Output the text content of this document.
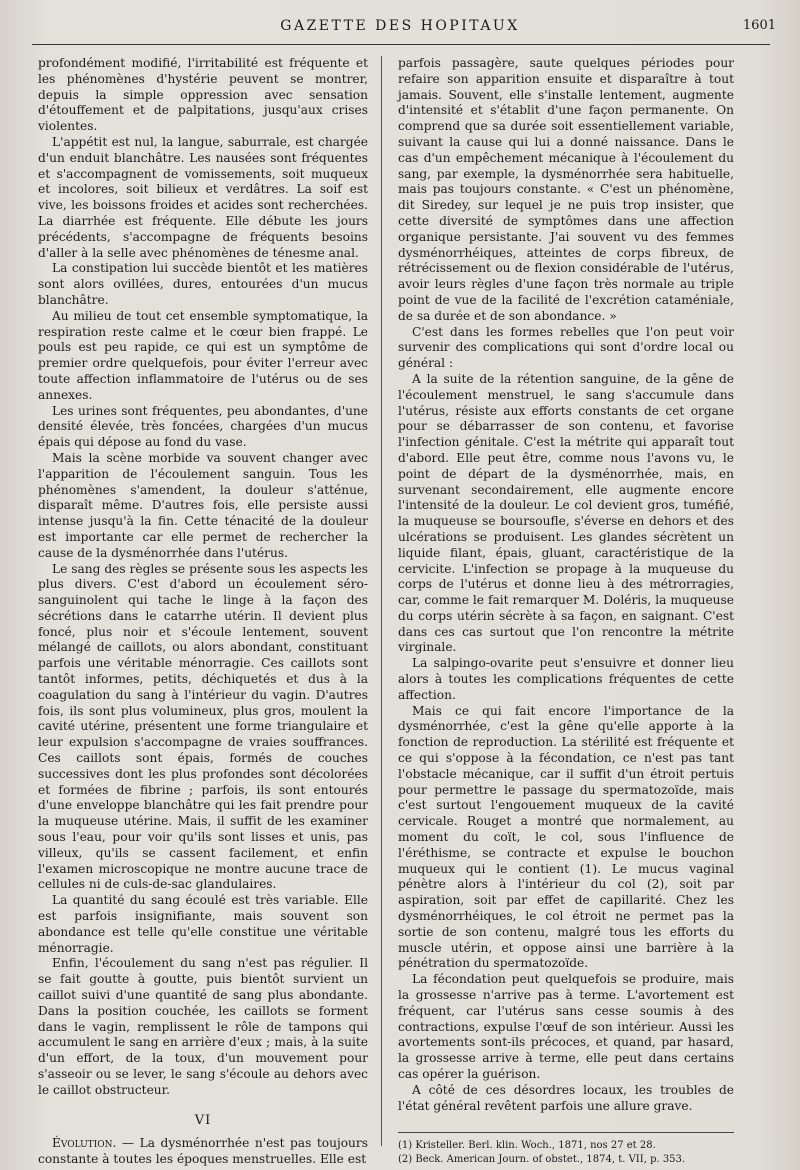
GAZETTE DES HOPITAUX	1601

profondément modifié, l'irritabilité est fréquente et les phénomènes d'hystérie peuvent se montrer, depuis la simple oppression avec sensation d'étouffement et de palpitations, jusqu'aux crises violentes.

L'appétit est nul, la langue, saburrale, est chargée d'un enduit blanchâtre. Les nausées sont fréquentes et s'accompagnent de vomissements, soit muqueux et incolores, soit bilieux et verdâtres. La soif est vive, les boissons froides et acides sont recherchées. La diarrhée est fréquente. Elle débute les jours précédents, s'accompagne de fréquents besoins d'aller à la selle avec phénomènes de ténesme anal.

La constipation lui succède bientôt et les matières sont alors ovillées, dures, entourées d'un mucus blanchâtre.

Au milieu de tout cet ensemble symptomatique, la respiration reste calme et le cœur bien frappé. Le pouls est peu rapide, ce qui est un symptôme de premier ordre quelquefois, pour éviter l'erreur avec toute affection inflammatoire de l'utérus ou de ses annexes.

Les urines sont fréquentes, peu abondantes, d'une densité élevée, très foncées, chargées d'un mucus épais qui dépose au fond du vase.

Mais la scène morbide va souvent changer avec l'apparition de l'écoulement sanguin. Tous les phénomènes s'amendent, la douleur s'atténue, disparaît même. D'autres fois, elle persiste aussi intense jusqu'à la fin. Cette ténacité de la douleur est importante car elle permet de rechercher la cause de la dysménorrhée dans l'utérus.

Le sang des règles se présente sous les aspects les plus divers. C'est d'abord un écoulement séro-sanguinolent qui tache le linge à la façon des sécrétions dans le catarrhe utérin. Il devient plus foncé, plus noir et s'écoule lentement, souvent mélangé de caillots, ou alors abondant, constituant parfois une véritable ménorragie. Ces caillots sont tantôt informes, petits, déchiquetés et dus à la coagulation du sang à l'intérieur du vagin. D'autres fois, ils sont plus volumineux, plus gros, moulent la cavité utérine, présentent une forme triangulaire et leur expulsion s'accompagne de vraies souffrances. Ces caillots sont épais, formés de couches successives dont les plus profondes sont décolorées et formées de fibrine ; parfois, ils sont entourés d'une enveloppe blanchâtre qui les fait prendre pour la muqueuse utérine. Mais, il suffit de les examiner sous l'eau, pour voir qu'ils sont lisses et unis, pas villeux, qu'ils se cassent facilement, et enfin l'examen microscopique ne montre aucune trace de cellules ni de culs-de-sac glandulaires.

La quantité du sang écoulé est très variable. Elle est parfois insignifiante, mais souvent son abondance est telle qu'elle constitue une véritable ménorragie.

Enfin, l'écoulement du sang n'est pas régulier. Il se fait goutte à goutte, puis bientôt survient un caillot suivi d'une quantité de sang plus abondante. Dans la position couchée, les caillots se forment dans le vagin, remplissent le rôle de tampons qui accumulent le sang en arrière d'eux ; mais, à la suite d'un effort, de la toux, d'un mouvement pour s'asseoir ou se lever, le sang s'écoule au dehors avec le caillot obstructeur.

VI

Évolution. — La dysménorrhée n'est pas toujours constante à toutes les époques menstruelles. Elle est

parfois passagère, saute quelques périodes pour refaire son apparition ensuite et disparaître à tout jamais. Souvent, elle s'installe lentement, augmente d'intensité et s'établit d'une façon permanente. On comprend que sa durée soit essentiellement variable, suivant la cause qui lui a donné naissance. Dans le cas d'un empêchement mécanique à l'écoulement du sang, par exemple, la dysménorrhée sera habituelle, mais pas toujours constante. « C'est un phénomène, dit Siredey, sur lequel je ne puis trop insister, que cette diversité de symptômes dans une affection organique persistante. J'ai souvent vu des femmes dysménorrhéiques, atteintes de corps fibreux, de rétrécissement ou de flexion considérable de l'utérus, avoir leurs règles d'une façon très normale au triple point de vue de la facilité de l'excrétion cataméniale, de sa durée et de son abondance. »

C'est dans les formes rebelles que l'on peut voir survenir des complications qui sont d'ordre local ou général :

A la suite de la rétention sanguine, de la gêne de l'écoulement menstruel, le sang s'accumule dans l'utérus, résiste aux efforts constants de cet organe pour se débarrasser de son contenu, et favorise l'infection génitale. C'est la métrite qui apparaît tout d'abord. Elle peut être, comme nous l'avons vu, le point de départ de la dysménorrhée, mais, en survenant secondairement, elle augmente encore l'intensité de la douleur. Le col devient gros, tuméfié, la muqueuse se boursoufle, s'éverse en dehors et des ulcérations se produisent. Les glandes sécrètent un liquide filant, épais, gluant, caractéristique de la cervicite. L'infection se propage à la muqueuse du corps de l'utérus et donne lieu à des métrorragies, car, comme le fait remarquer M. Doléris, la muqueuse du corps utérin sécrète à sa façon, en saignant. C'est dans ces cas surtout que l'on rencontre la métrite virginale.

La salpingo-ovarite peut s'ensuivre et donner lieu alors à toutes les complications fréquentes de cette affection.

Mais ce qui fait encore l'importance de la dysménorrhée, c'est la gêne qu'elle apporte à la fonction de reproduction. La stérilité est fréquente et ce qui s'oppose à la fécondation, ce n'est pas tant l'obstacle mécanique, car il suffit d'un étroit pertuis pour permettre le passage du spermatozoïde, mais c'est surtout l'engouement muqueux de la cavité cervicale. Rouget a montré que normalement, au moment du coït, le col, sous l'influence de l'éréthisme, se contracte et expulse le bouchon muqueux qui le contient (1). Le mucus vaginal pénètre alors à l'intérieur du col (2), soit par aspiration, soit par effet de capillarité. Chez les dysménorrhéiques, le col étroit ne permet pas la sortie de son contenu, malgré tous les efforts du muscle utérin, et oppose ainsi une barrière à la pénétration du spermatozoïde.

La fécondation peut quelquefois se produire, mais la grossesse n'arrive pas à terme. L'avortement est fréquent, car l'utérus sans cesse soumis à des contractions, expulse l'œuf de son intérieur. Aussi les avortements sont-ils précoces, et quand, par hasard, la grossesse arrive à terme, elle peut dans certains cas opérer la guérison.

A côté de ces désordres locaux, les troubles de l'état général revêtent parfois une allure grave.

(1) Kristeller. Berl. klin. Woch., 1871, nos 27 et 28.

(2) Beck. American Journ. of obstet., 1874, t. VII, p. 353.
